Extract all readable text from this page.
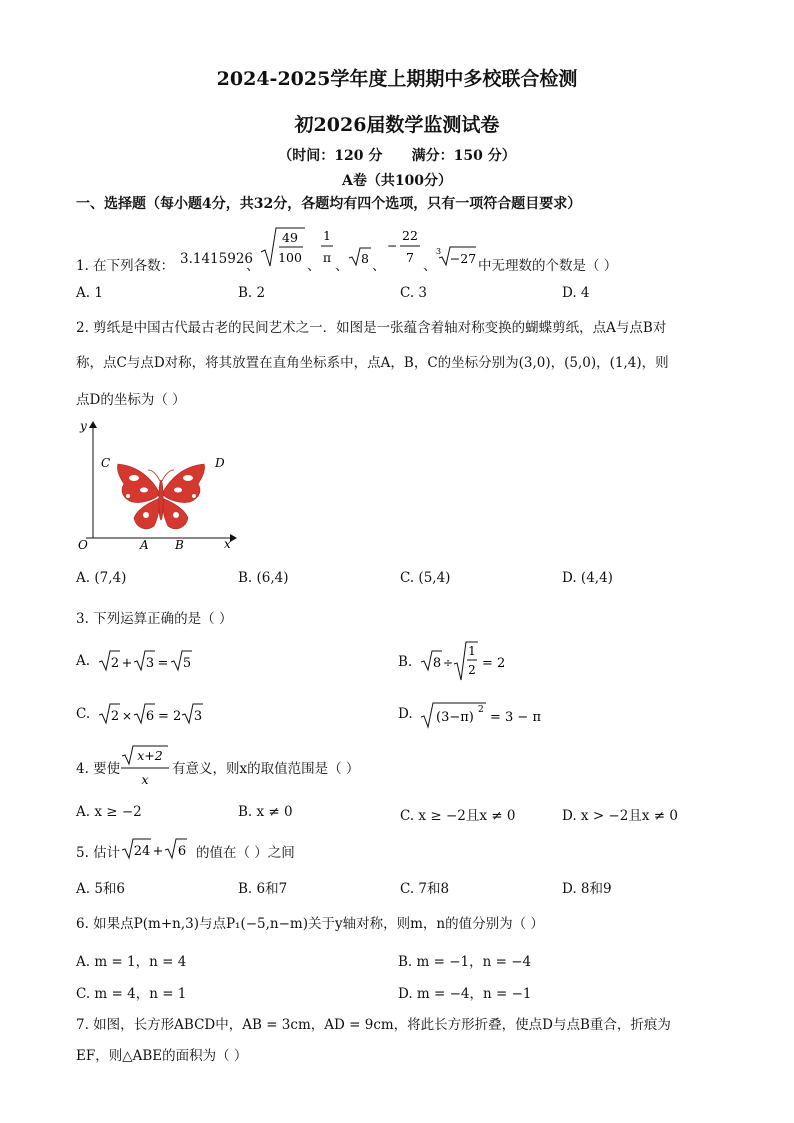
2024-2025学年度上期期中多校联合检测
初2026届数学监测试卷
（时间：120 分      满分：150 分）
A卷（共100分）
一、选择题（每小题4分，共32分，各题均有四个选项，只有一项符合题目要求）
1. 在下列各数： 3.1415926
、
49
100
、
1
π
、 8 、
−
22
7
、
3 −27 中无理数的个数是（ ）
A. 1	B. 2	C. 3	D. 4
2. 剪纸是中国古代最古老的民间艺术之一．如图是一张蕴含着轴对称变换的蝴蝶剪纸，点A与点B对
称，点C与点D对称，将其放置在直角坐标系中，点A，B，C的坐标分别为(3,0)，(5,0)，(1,4)，则
点D的坐标为（ ）
y
x
O	A B
C	D
A. (7,4)	B. (6,4)	C. (5,4)	D. (4,4)
3. 下列运算正确的是（ ）
A. 2 + 3 = 5	B. 8 ÷
1
2 = 2
C. 2 × 6 = 2 3	D. (3−π) 2 = 3 − π
4. 要使
x+2
x
有意义，则x的取值范围是（ ）
A. x ≥ −2	B. x ≠ 0	C. x ≥ −2且x ≠ 0	D. x > −2且x ≠ 0
5. 估计 24 + 6 的值在（ ）之间
A. 5和6	B. 6和7	C. 7和8	D. 8和9
6. 如果点P(m+n,3)与点P₁(−5,n−m)关于y轴对称，则m，n的值分别为（ ）
A. m = 1，n = 4	B. m = −1，n = −4
C. m = 4，n = 1	D. m = −4，n = −1
7. 如图，长方形ABCD中，AB = 3cm，AD = 9cm，将此长方形折叠，使点D与点B重合，折痕为
EF，则△ABE的面积为（ ）
